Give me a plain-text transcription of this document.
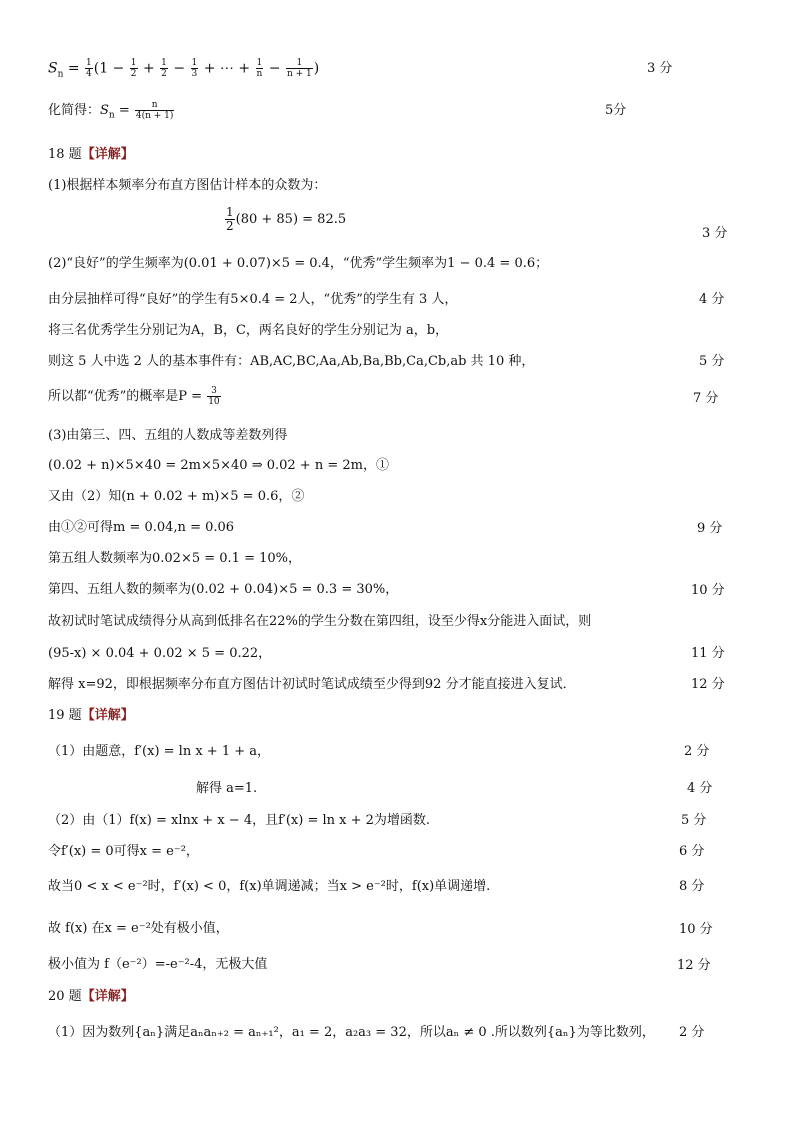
$S_n = \frac{1}{4} (1 - \frac{1}{2} + \frac{1}{2} - \frac{1}{3}$ + ⋯ + $\frac{1}{n} - \frac{1}{n + 1}$ )	3 分
化简得：$S_n = \frac{n}{4(n + 1)}$	5分
18 题【详解】
(1)根据样本频率分布直方图估计样本的众数为：
$\frac{1}{2} (80 + 85) = 82.5$
3 分
(2)“良好”的学生频率为(0.01 + 0.07)×5 = 0.4，“优秀”学生频率为1 − 0.4 = 0.6；
由分层抽样可得“良好”的学生有5×0.4 = 2人，“优秀”的学生有 3 人，	4 分
将三名优秀学生分别记为A，B，C，两名良好的学生分别记为 a，b，
则这 5 人中选 2 人的基本事件有：AB,AC,BC,Aa,Ab,Ba,Bb,Ca,Cb,ab 共 10 种，	5 分
所以都“优秀”的概率是$P = \frac{3}{10}$	7 分
(3)由第三、四、五组的人数成等差数列得
(0.02 + n)×5×40 = 2m×5×40 ⇒ 0.02 + n = 2m，①
又由（2）知(n + 0.02 + m)×5 = 0.6，②
由①②可得m = 0.04,n = 0.06	9 分
第五组人数频率为0.02×5 = 0.1 = 10%，
第四、五组人数的频率为(0.02 + 0.04)×5 = 0.3 = 30%，	10 分
故初试时笔试成绩得分从高到低排名在22%的学生分数在第四组，设至少得x分能进入面试，则
(95-x) × 0.04 + 0.02 × 5 = 0.22，	11 分
解得 x=92，即根据频率分布直方图估计初试时笔试成绩至少得到92 分才能直接进入复试．	12 分
19 题【详解】
（1）由题意，f′(x) = ln x + 1 + a，	2 分
解得 a=1.	4 分
（2）由（1）f(x) = xlnx + x − 4，且f′(x) = ln x + 2为增函数.	5 分
令f′(x) = 0可得x = e⁻²，	6 分
故当0 < x < e⁻²时，f′(x) < 0，f(x)单调递减；当x > e⁻²时，f(x)单调递增.	8 分
故 f(x) 在x = e⁻²处有极小值，	10 分
极小值为 f（e⁻²）=-e⁻²-4，无极大值	12 分
20 题【详解】
（1）因为数列{aₙ}满足aₙaₙ₊₂ = aₙ₊₁²，a₁ = 2，a₂a₃ = 32，所以aₙ ≠ 0 .所以数列{aₙ}为等比数列， 2 分
